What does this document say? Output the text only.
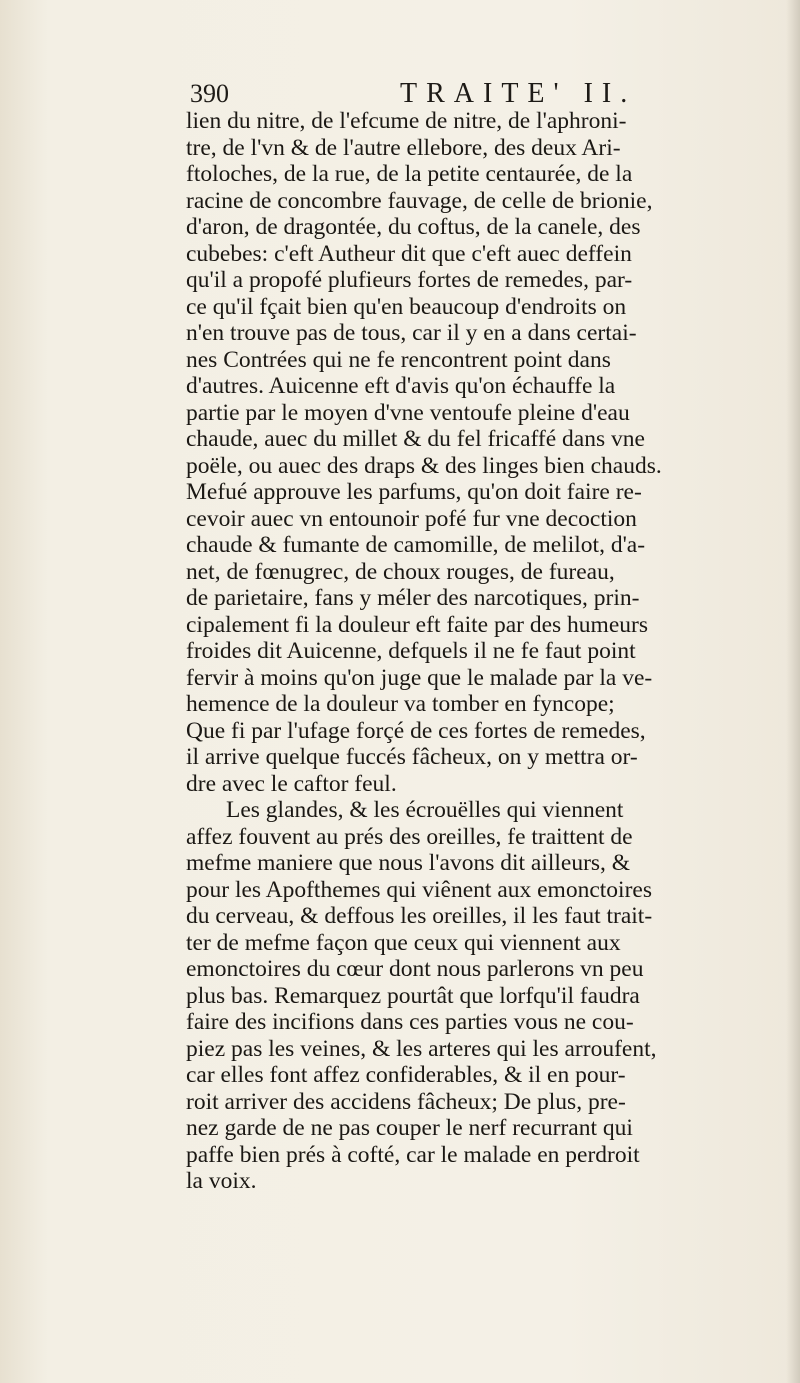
390	TRAITE' II.
lien du nitre, de l'efcume de nitre, de l'aphroni-
tre, de l'vn & de l'autre ellebore, des deux Ari-
ftoloches, de la rue, de la petite centaurée, de la
racine de concombre fauvage, de celle de brionie,
d'aron, de dragontée, du coftus, de la canele, des
cubebes: c'eft Autheur dit que c'eft auec deffein
qu'il a propofé plufieurs fortes de remedes, par-
ce qu'il fçait bien qu'en beaucoup d'endroits on
n'en trouve pas de tous, car il y en a dans certai-
nes Contrées qui ne fe rencontrent point dans
d'autres. Auicenne eft d'avis qu'on échauffe la
partie par le moyen d'vne ventoufe pleine d'eau
chaude, auec du millet & du fel fricaffé dans vne
poële, ou auec des draps & des linges bien chauds.
Mefué approuve les parfums, qu'on doit faire re-
cevoir auec vn entounoir pofé fur vne decoction
chaude & fumante de camomille, de melilot, d'a-
net, de fœnugrec, de choux rouges, de fureau,
de parietaire, fans y méler des narcotiques, prin-
cipalement fi la douleur eft faite par des humeurs
froides dit Auicenne, defquels il ne fe faut point
fervir à moins qu'on juge que le malade par la ve-
hemence de la douleur va tomber en fyncope;
Que fi par l'ufage forçé de ces fortes de remedes,
il arrive quelque fuccés fâcheux, on y mettra or-
dre avec le caftor feul.
Les glandes, & les écrouëlles qui viennent
affez fouvent au prés des oreilles, fe traittent de
mefme maniere que nous l'avons dit ailleurs, &
pour les Apofthemes qui viênent aux emonctoires
du cerveau, & deffous les oreilles, il les faut trait-
ter de mefme façon que ceux qui viennent aux
emonctoires du cœur dont nous parlerons vn peu
plus bas. Remarquez pourtât que lorfqu'il faudra
faire des incifions dans ces parties vous ne cou-
piez pas les veines, & les arteres qui les arroufent,
car elles font affez confiderables, & il en pour-
roit arriver des accidens fâcheux; De plus, pre-
nez garde de ne pas couper le nerf recurrant qui
paffe bien prés à cofté, car le malade en perdroit
la voix.
